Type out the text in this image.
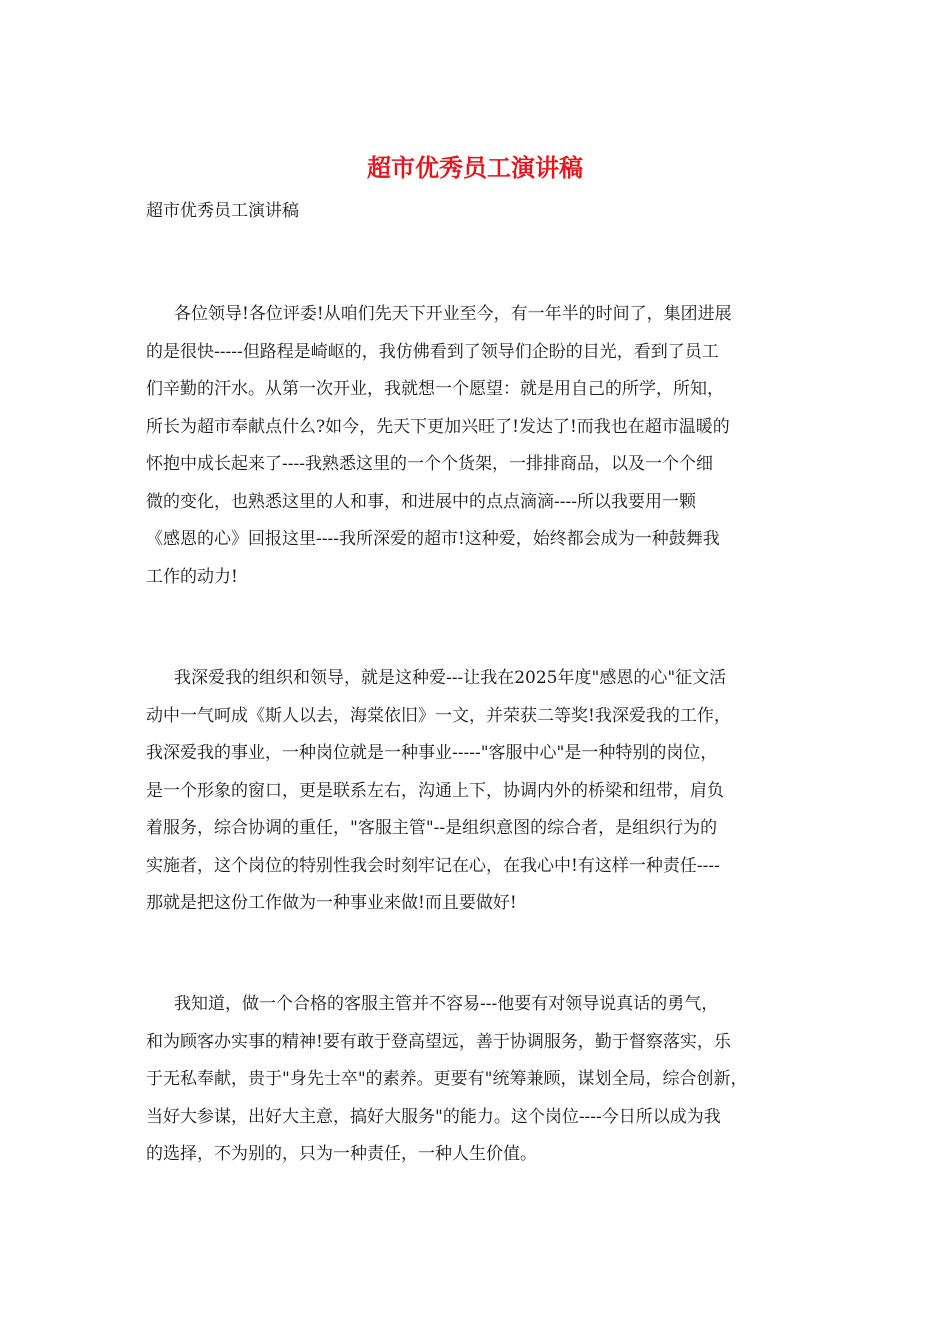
超市优秀员工演讲稿

超市优秀员工演讲稿

各位领导!各位评委!从咱们先天下开业至今，有一年半的时间了，集团进展
的是很快-----但路程是崎岖的，我仿佛看到了领导们企盼的目光，看到了员工
们辛勤的汗水。从第一次开业，我就想一个愿望：就是用自己的所学，所知，
所长为超市奉献点什么?如今，先天下更加兴旺了!发达了!而我也在超市温暖的
怀抱中成长起来了----我熟悉这里的一个个货架，一排排商品，以及一个个细
微的变化，也熟悉这里的人和事，和进展中的点点滴滴----所以我要用一颗
《感恩的心》回报这里----我所深爱的超市!这种爱，始终都会成为一种鼓舞我
工作的动力!

我深爱我的组织和领导，就是这种爱---让我在2025年度"感恩的心"征文活
动中一气呵成《斯人以去，海棠依旧》一文，并荣获二等奖!我深爱我的工作，
我深爱我的事业，一种岗位就是一种事业-----"客服中心"是一种特别的岗位，
是一个形象的窗口，更是联系左右，沟通上下，协调内外的桥梁和纽带，肩负
着服务，综合协调的重任，"客服主管"--是组织意图的综合者，是组织行为的
实施者，这个岗位的特别性我会时刻牢记在心，在我心中!有这样一种责任----
那就是把这份工作做为一种事业来做!而且要做好!

我知道，做一个合格的客服主管并不容易---他要有对领导说真话的勇气，
和为顾客办实事的精神!要有敢于登高望远，善于协调服务，勤于督察落实，乐
于无私奉献，贵于"身先士卒"的素养。更要有"统筹兼顾，谋划全局，综合创新，
当好大参谋，出好大主意，搞好大服务"的能力。这个岗位----今日所以成为我
的选择，不为别的，只为一种责任，一种人生价值。
